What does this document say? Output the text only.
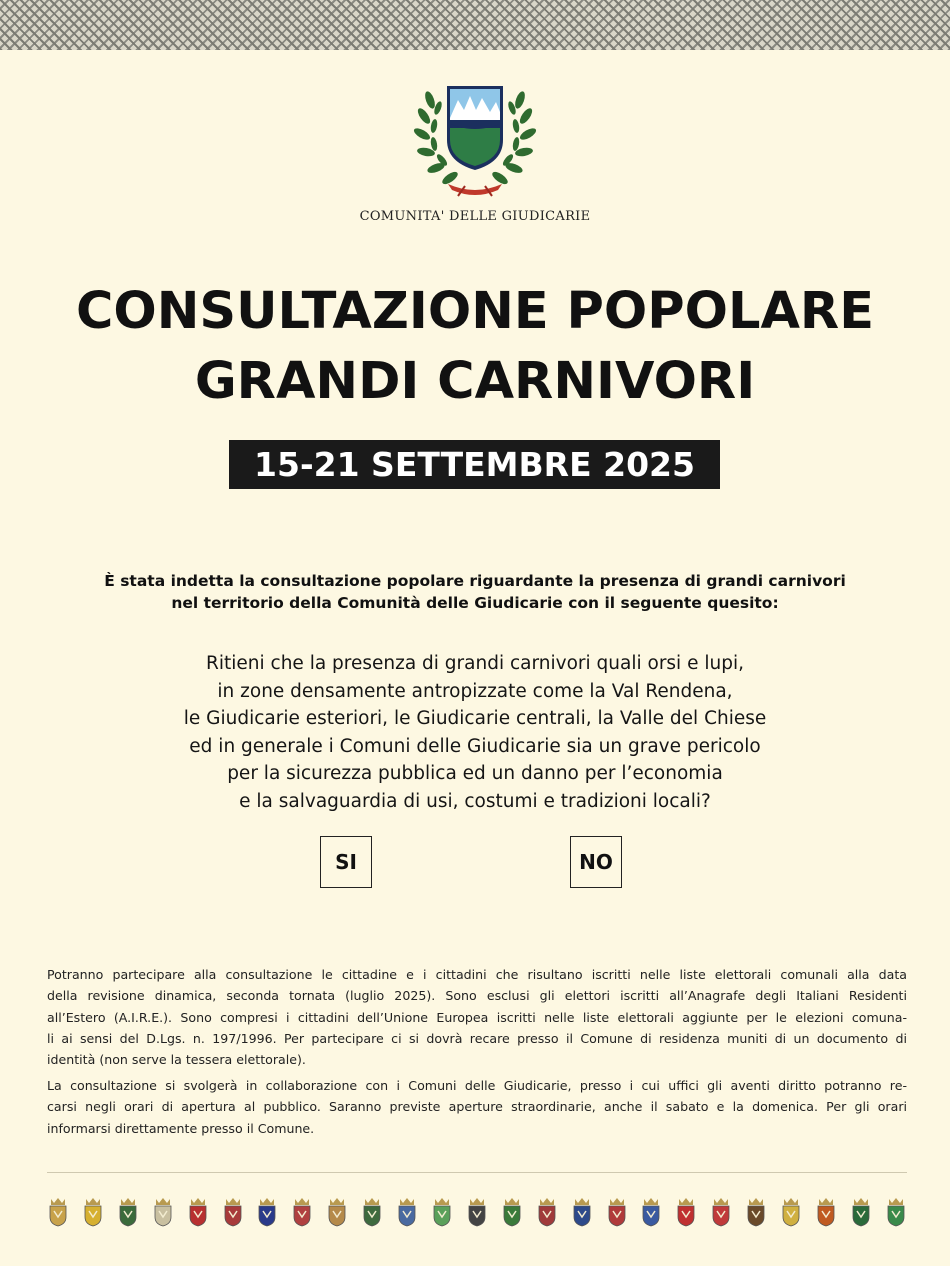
COMUNITA' DELLE GIUDICARIE
CONSULTAZIONE POPOLARE
GRANDI CARNIVORI
15-21 SETTEMBRE 2025
È stata indetta la consultazione popolare riguardante la presenza di grandi carnivori
nel territorio della Comunità delle Giudicarie con il seguente quesito:
Ritieni che la presenza di grandi carnivori quali orsi e lupi,
in zone densamente antropizzate come la Val Rendena,
le Giudicarie esteriori, le Giudicarie centrali, la Valle del Chiese
ed in generale i Comuni delle Giudicarie sia un grave pericolo
per la sicurezza pubblica ed un danno per l’economia
e la salvaguardia di usi, costumi e tradizioni locali?
SI	NO
Potranno partecipare alla consultazione le cittadine e i cittadini che risultano iscritti nelle liste elettorali comunali alla data
della revisione dinamica, seconda tornata (luglio 2025). Sono esclusi gli elettori iscritti all’Anagrafe degli Italiani Residenti
all’Estero (A.I.R.E.). Sono compresi i cittadini dell’Unione Europea iscritti nelle liste elettorali aggiunte per le elezioni comuna-
li ai sensi del D.Lgs. n. 197/1996. Per partecipare ci si dovrà recare presso il Comune di residenza muniti di un documento di
identità (non serve la tessera elettorale).
La consultazione si svolgerà in collaborazione con i Comuni delle Giudicarie, presso i cui uffici gli aventi diritto potranno re-
carsi negli orari di apertura al pubblico. Saranno previste aperture straordinarie, anche il sabato e la domenica. Per gli orari
informarsi direttamente presso il Comune.
